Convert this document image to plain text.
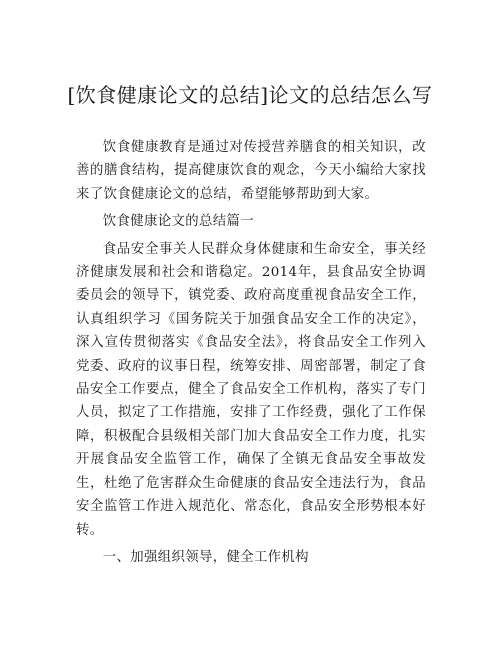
[饮食健康论文的总结]论文的总结怎么写

饮食健康教育是通过对传授营养膳食的相关知识，改善的膳食结构，提高健康饮食的观念，今天小编给大家找来了饮食健康论文的总结，希望能够帮助到大家。

饮食健康论文的总结篇一

食品安全事关人民群众身体健康和生命安全，事关经济健康发展和社会和谐稳定。2014年，县食品安全协调委员会的领导下，镇党委、政府高度重视食品安全工作，认真组织学习《国务院关于加强食品安全工作的决定》，深入宣传贯彻落实《食品安全法》，将食品安全工作列入党委、政府的议事日程，统筹安排、周密部署，制定了食品安全工作要点，健全了食品安全工作机构，落实了专门人员，拟定了工作措施，安排了工作经费，强化了工作保障，积极配合县级相关部门加大食品安全工作力度，扎实开展食品安全监管工作，确保了全镇无食品安全事故发生，杜绝了危害群众生命健康的食品安全违法行为，食品安全监管工作进入规范化、常态化，食品安全形势根本好转。

一、加强组织领导，健全工作机构
